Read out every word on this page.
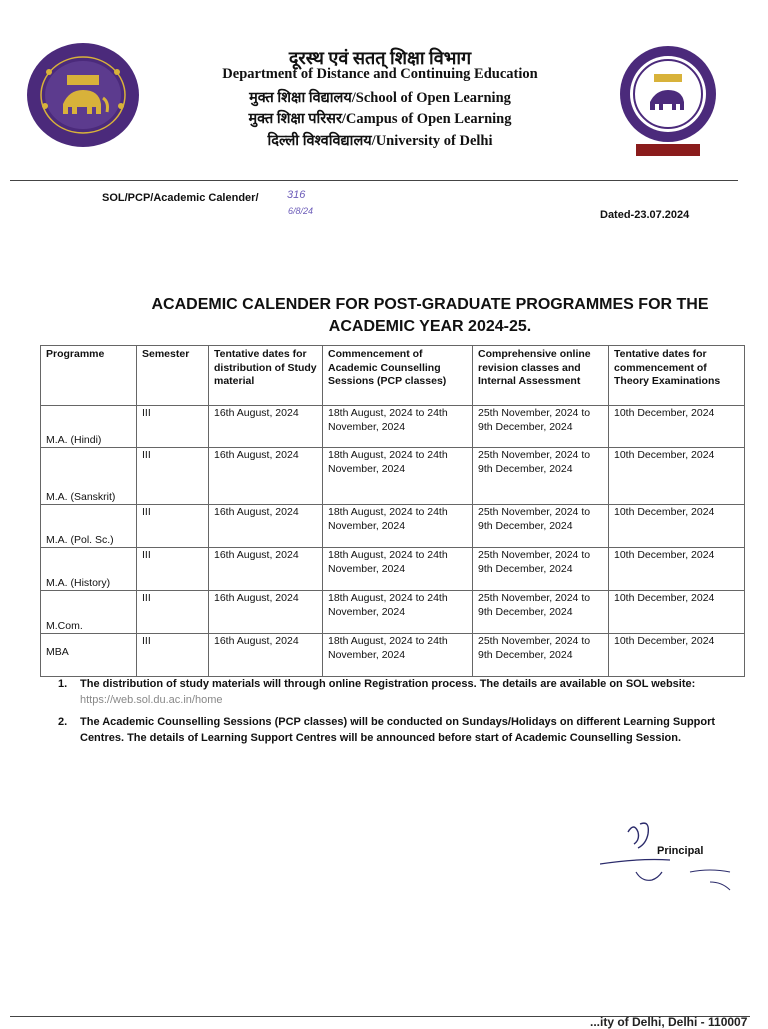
दूरस्थ एवं सतत् शिक्षा विभाग
Department of Distance and Continuing Education
मुक्त शिक्षा विद्यालय/School of Open Learning
मुक्त शिक्षा परिसर/Campus of Open Learning
दिल्ली विश्वविद्यालय/University of Delhi
SOL/PCP/Academic Calender/	316
6/8/24	Dated-23.07.2024
ACADEMIC CALENDER FOR POST-GRADUATE PROGRAMMES FOR THE
ACADEMIC YEAR 2024-25.
Programme	Semester	Tentative dates for distribution of Study material	Commencement of Academic Counselling Sessions (PCP classes)	Comprehensive online revision classes and Internal Assessment	Tentative dates for commencement of Theory Examinations
M.A. (Hindi)	III	16th August, 2024	18th August, 2024 to 24th November, 2024	25th November, 2024 to 9th December, 2024	10th December, 2024
M.A. (Sanskrit)	III	16th August, 2024	18th August, 2024 to 24th November, 2024	25th November, 2024 to 9th December, 2024	10th December, 2024
M.A. (Pol. Sc.)	III	16th August, 2024	18th August, 2024 to 24th November, 2024	25th November, 2024 to 9th December, 2024	10th December, 2024
M.A. (History)	III	16th August, 2024	18th August, 2024 to 24th November, 2024	25th November, 2024 to 9th December, 2024	10th December, 2024
M.Com.	III	16th August, 2024	18th August, 2024 to 24th November, 2024	25th November, 2024 to 9th December, 2024	10th December, 2024
MBA	III	16th August, 2024	18th August, 2024 to 24th November, 2024	25th November, 2024 to 9th December, 2024	10th December, 2024
1. The distribution of study materials will through online Registration process. The details are available on SOL website: https://web.sol.du.ac.in/home
2. The Academic Counselling Sessions (PCP classes) will be conducted on Sundays/Holidays on different Learning Support Centres. The details of Learning Support Centres will be announced before start of Academic Counselling Session.
Principal
...ity of Delhi, Delhi - 110007
